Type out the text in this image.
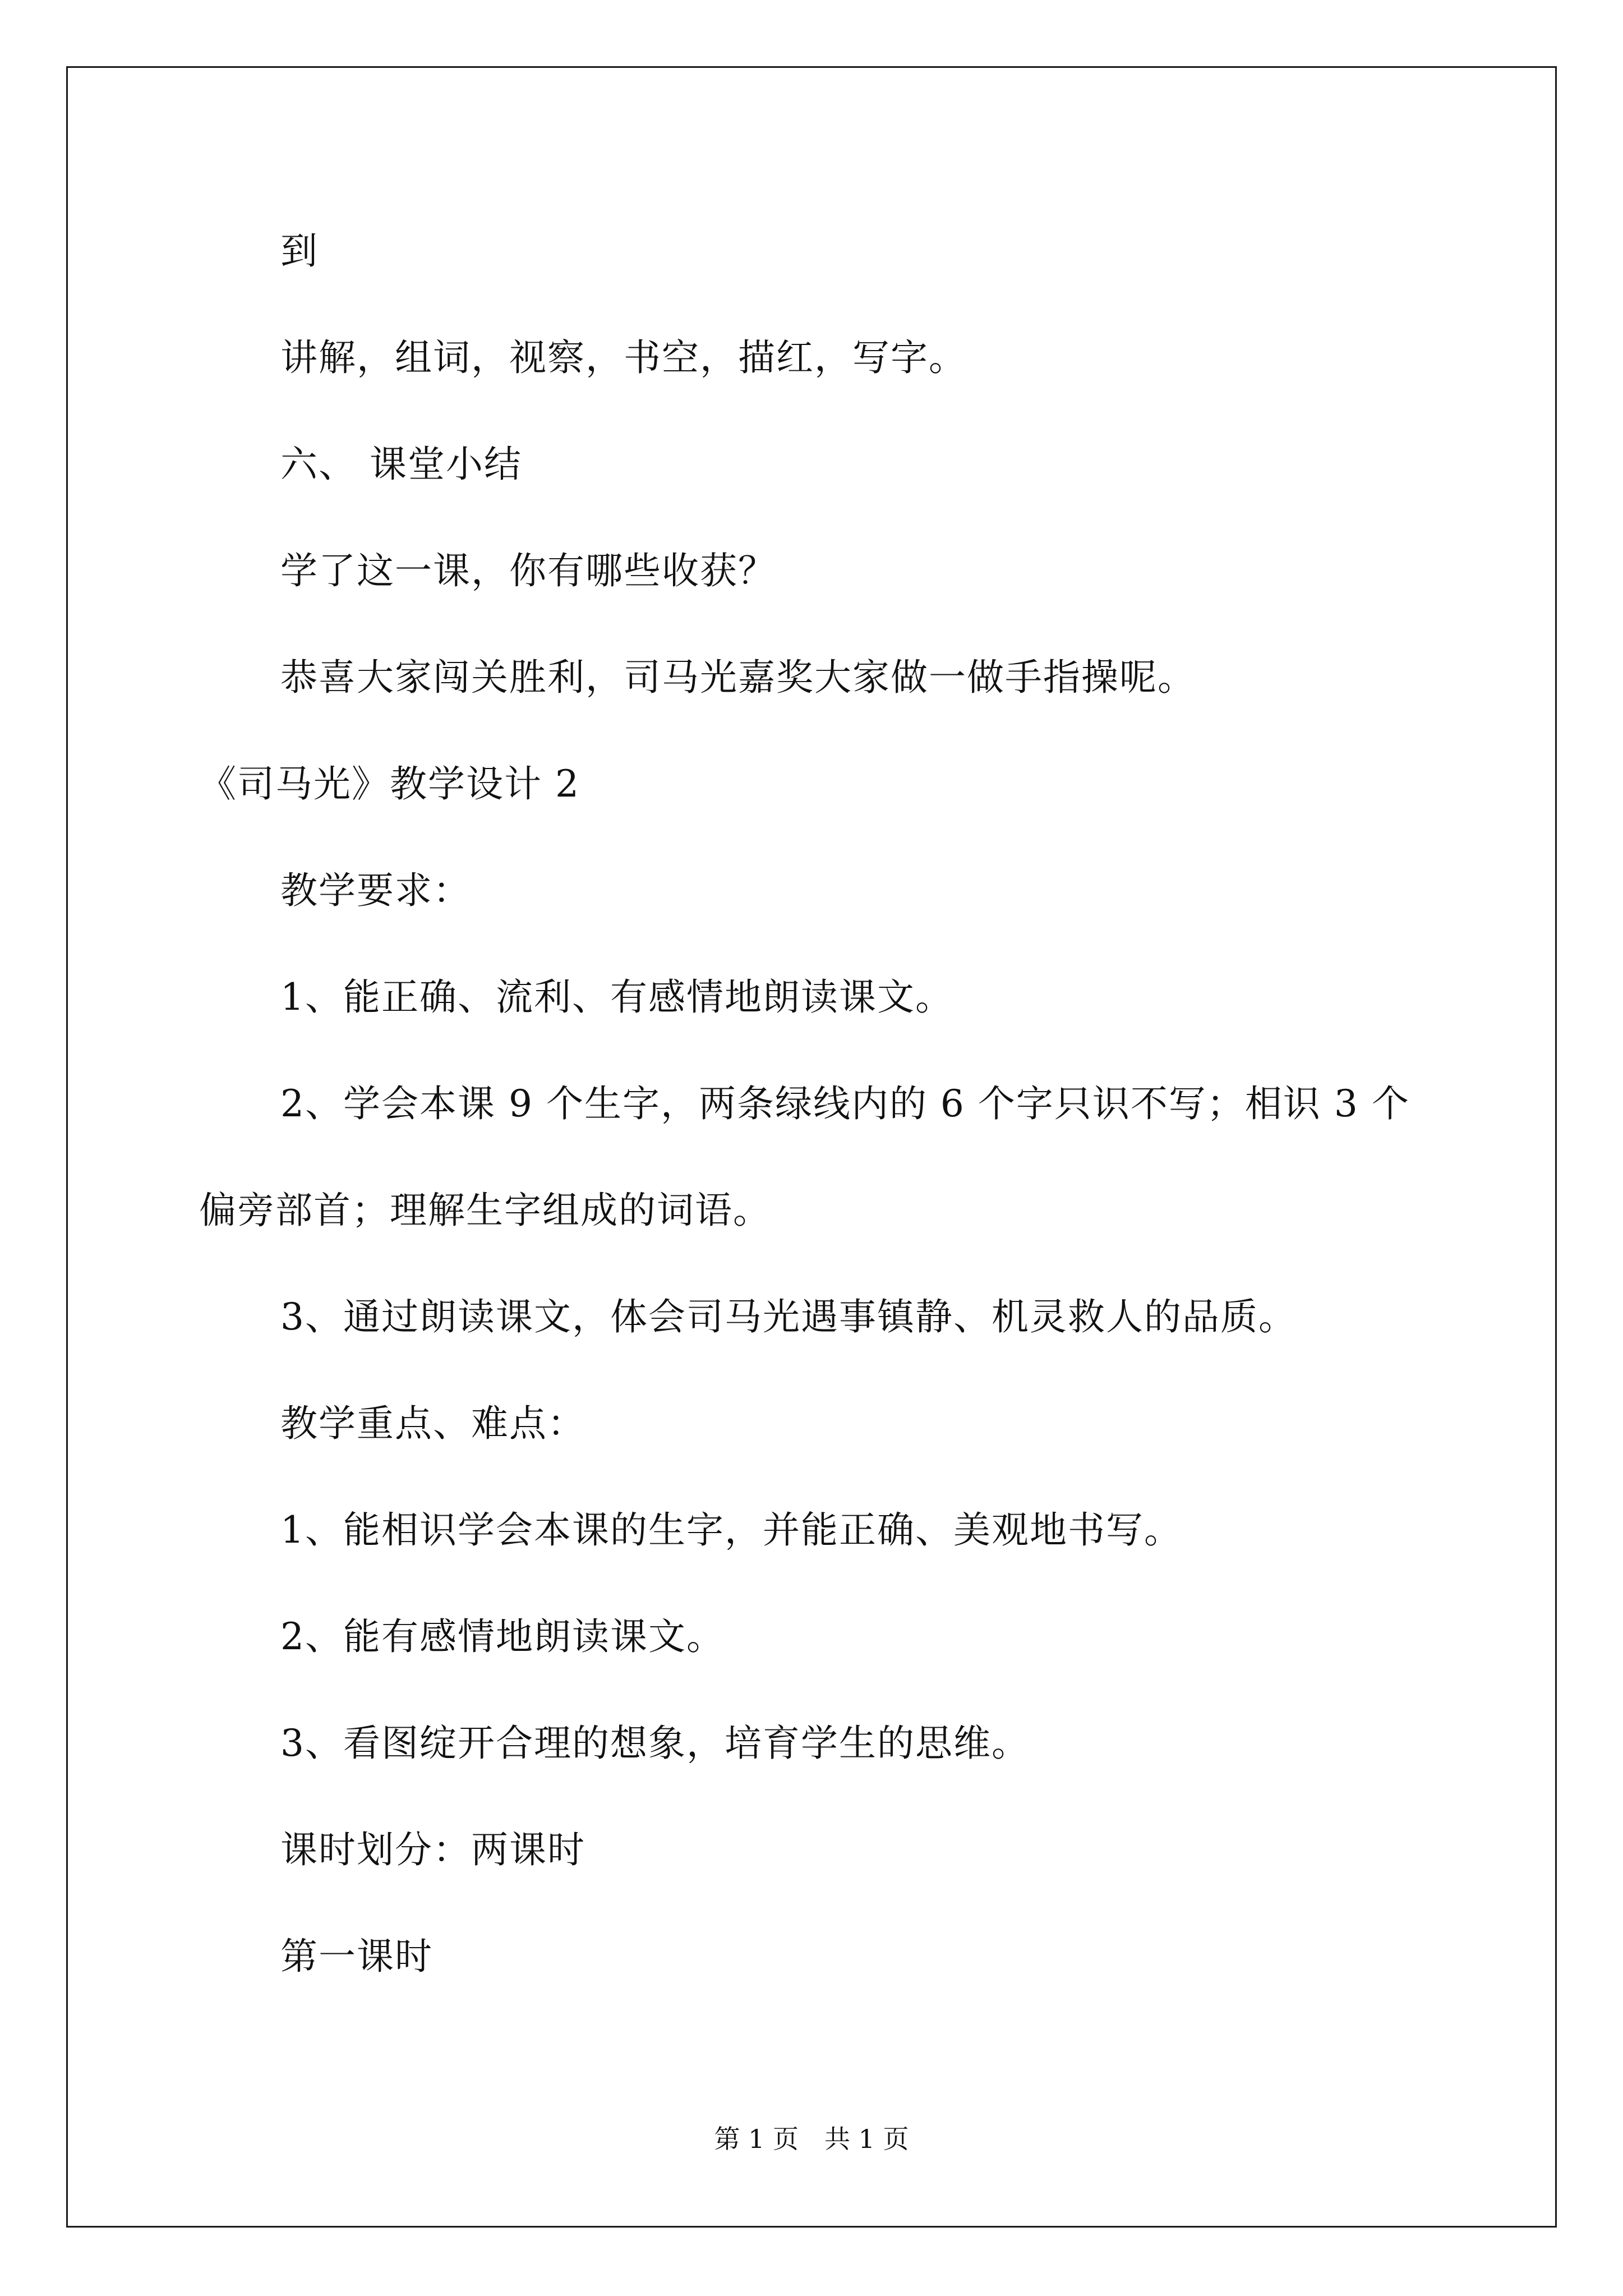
到
讲解，组词，视察，书空，描红，写字。
六、 课堂小结
学了这一课，你有哪些收获？
恭喜大家闯关胜利，司马光嘉奖大家做一做手指操呢。
《司马光》教学设计 2
教学要求：
1、能正确、流利、有感情地朗读课文。
2、学会本课 9 个生字，两条绿线内的 6 个字只识不写；相识 3 个
偏旁部首；理解生字组成的词语。
3、通过朗读课文，体会司马光遇事镇静、机灵救人的品质。
教学重点、难点：
1、能相识学会本课的生字，并能正确、美观地书写。
2、能有感情地朗读课文。
3、看图绽开合理的想象，培育学生的思维。
课时划分：两课时
第一课时
第 1 页　共 1 页
